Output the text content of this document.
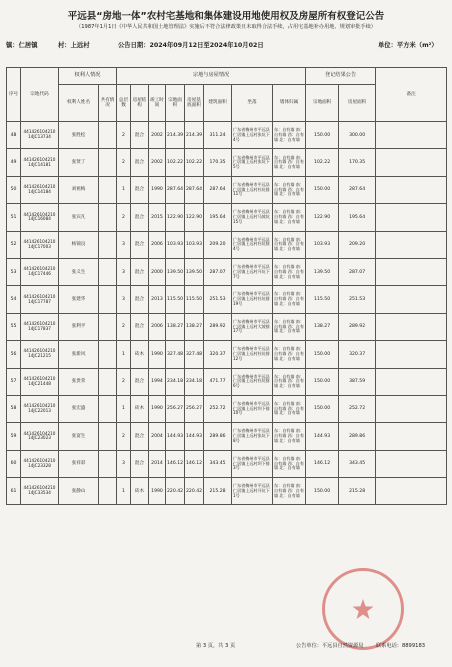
平远县“房地一体”农村宅基地和集体建设用地使用权及房屋所有权登记公告
（1987年1月1日《中华人民共和国土地管理法》实施后不符合法律政策且未取得合法手续，占用宅基地补办用地、规划审批手续）
镇：仁居镇	村：上远村	公告日期：2024年09月12日至2024年10月02日	单位：平方米（m²）
序号	宗地代码	权利人情况		宗地与房屋情况								登记结果公告		备注
		权利人姓名	共有情况	总层数	房屋结构	竣工时间	宗地面积	房屋基底面积	建筑面积	坐落	墙体归属	宗地面积	房屋面积	
48	441426104210 14JC13734	张胜松		2	混合	2002	214.39	214.39	311.24	广东省梅州市平远县仁居镇上远村张坑下4号	东：自有墙 南：自有墙 西：自有墙 北：自有墙	150.00	300.00	
49	441426104210 14JC14181	张贤丁		2	混合	2002	102.22	102.22	170.35	广东省梅州市平远县仁居镇上远村张坑下5号	东：自有墙 南：自有墙 西：自有墙 北：自有墙	102.22	170.35	
50	441426104210 14JC14184	刘祖梅		1	混合	1990	287.64	287.64	287.64	广东省梅州市平远县仁居镇上远村杜坑排11号	东：自有墙 南：自有墙 西：自有墙 北：自有墙	150.00	287.64	
51	441426104210 14JC16084	张宾凡		2	混合	2015	122.90	122.90	195.64	广东省梅州市平远县仁居镇上远村马坡坑15号	东：自有墙 南：自有墙 西：自有墙 北：自有墙	122.90	195.64	
52	441426104210 14JC17003	杨锦良		3	混合	2006	103.93	103.93	209.20	广东省梅州市平远县仁居镇上远村杜坑排4号	东：自有墙 南：自有墙 西：自有墙 北：自有墙	103.93	209.20	
53	441426104210 14JC17446	张义生		3	混合	2000	139.50	139.50	287.07	广东省梅州市平远县仁居镇上远村开坑下7号	东：自有墙 南：自有墙 西：自有墙 北：自有墙	139.50	287.07	
54	441426104210 14JC17787	张建华		3	混合	2013	115.50	115.50	251.53	广东省梅州市平远县仁居镇上远村杜坑排19号	东：自有墙 南：自有墙 西：自有墙 北：自有墙	115.50	251.53	
55	441426104210 14JC17837	张利平		2	混合	2006	138.27	138.27	289.92	广东省梅州市平远县仁居镇上远村大坡排17号	东：自有墙 南：自有墙 西：自有墙 北：自有墙	138.27	289.92	
56	441426104210 14JC21215	张新风		1	砖木	1990	327.48	327.48	320.37	广东省梅州市平远县仁居镇上远村杜坑排12号	东：自有墙 南：自有墙 西：自有墙 北：自有墙	150.00	320.37	
57	441426104210 14JC21448	张贵荣		2	混合	1994	234.18	234.18	471.77	广东省梅州市平远县仁居镇上远村杜坑排6号	东：自有墙 南：自有墙 西：自有墙 北：自有墙	150.00	387.59	
58	441426104210 14JC22013	张宏盛		1	砖木	1990	256.27	256.27	252.72	广东省梅州市平远县仁居镇上远村坝下排10号	东：自有墙 南：自有墙 西：自有墙 北：自有墙	150.00	252.72	
59	441426104210 14JC23023	张富生		2	混合	2004	144.93	144.93	289.86	广东省梅州市平远县仁居镇上远村张坑下8号	东：自有墙 南：自有墙 西：自有墙 北：自有墙	144.93	289.86	
60	441426104210 14JC23328	张祥彩		3	混合	2014	146.12	146.12	343.45	广东省梅州市平远县仁居镇上远村坝下排3号	东：自有墙 南：自有墙 西：自有墙 北：自有墙	146.12	343.45	
61	441426104210 14JC33534	张静山		1	砖木	1990	220.42	220.42	215.28	广东省梅州市平远县仁居镇上远村开坑下1号	东：自有墙 南：自有墙 西：自有墙 北：自有墙	150.00	215.28	
第 3 页，共 3 页	公告单位：平远县自然资源局 联系电话：8899183
